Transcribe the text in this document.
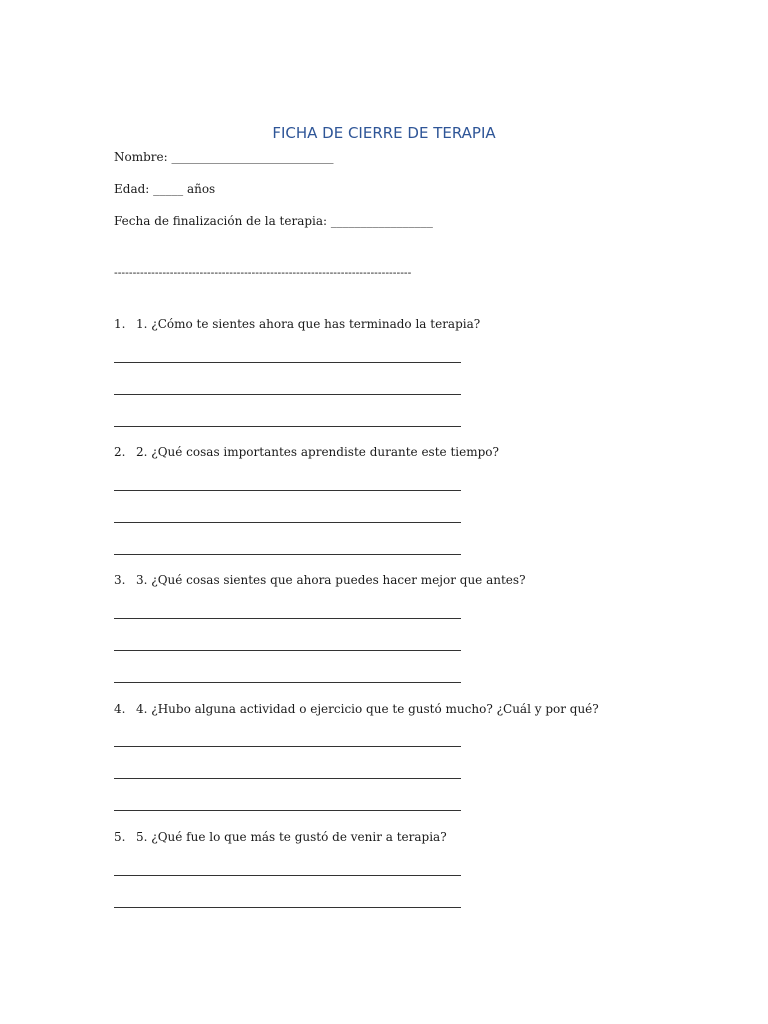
FICHA DE CIERRE DE TERAPIA
Nombre: ___________________________
Edad: _____ años
Fecha de finalización de la terapia: _________________
--------------------------------------------------------------------------------
1. 1. ¿Cómo te sientes ahora que has terminado la terapia?
2. 2. ¿Qué cosas importantes aprendiste durante este tiempo?
3. 3. ¿Qué cosas sientes que ahora puedes hacer mejor que antes?
4. 4. ¿Hubo alguna actividad o ejercicio que te gustó mucho? ¿Cuál y por qué?
5. 5. ¿Qué fue lo que más te gustó de venir a terapia?
